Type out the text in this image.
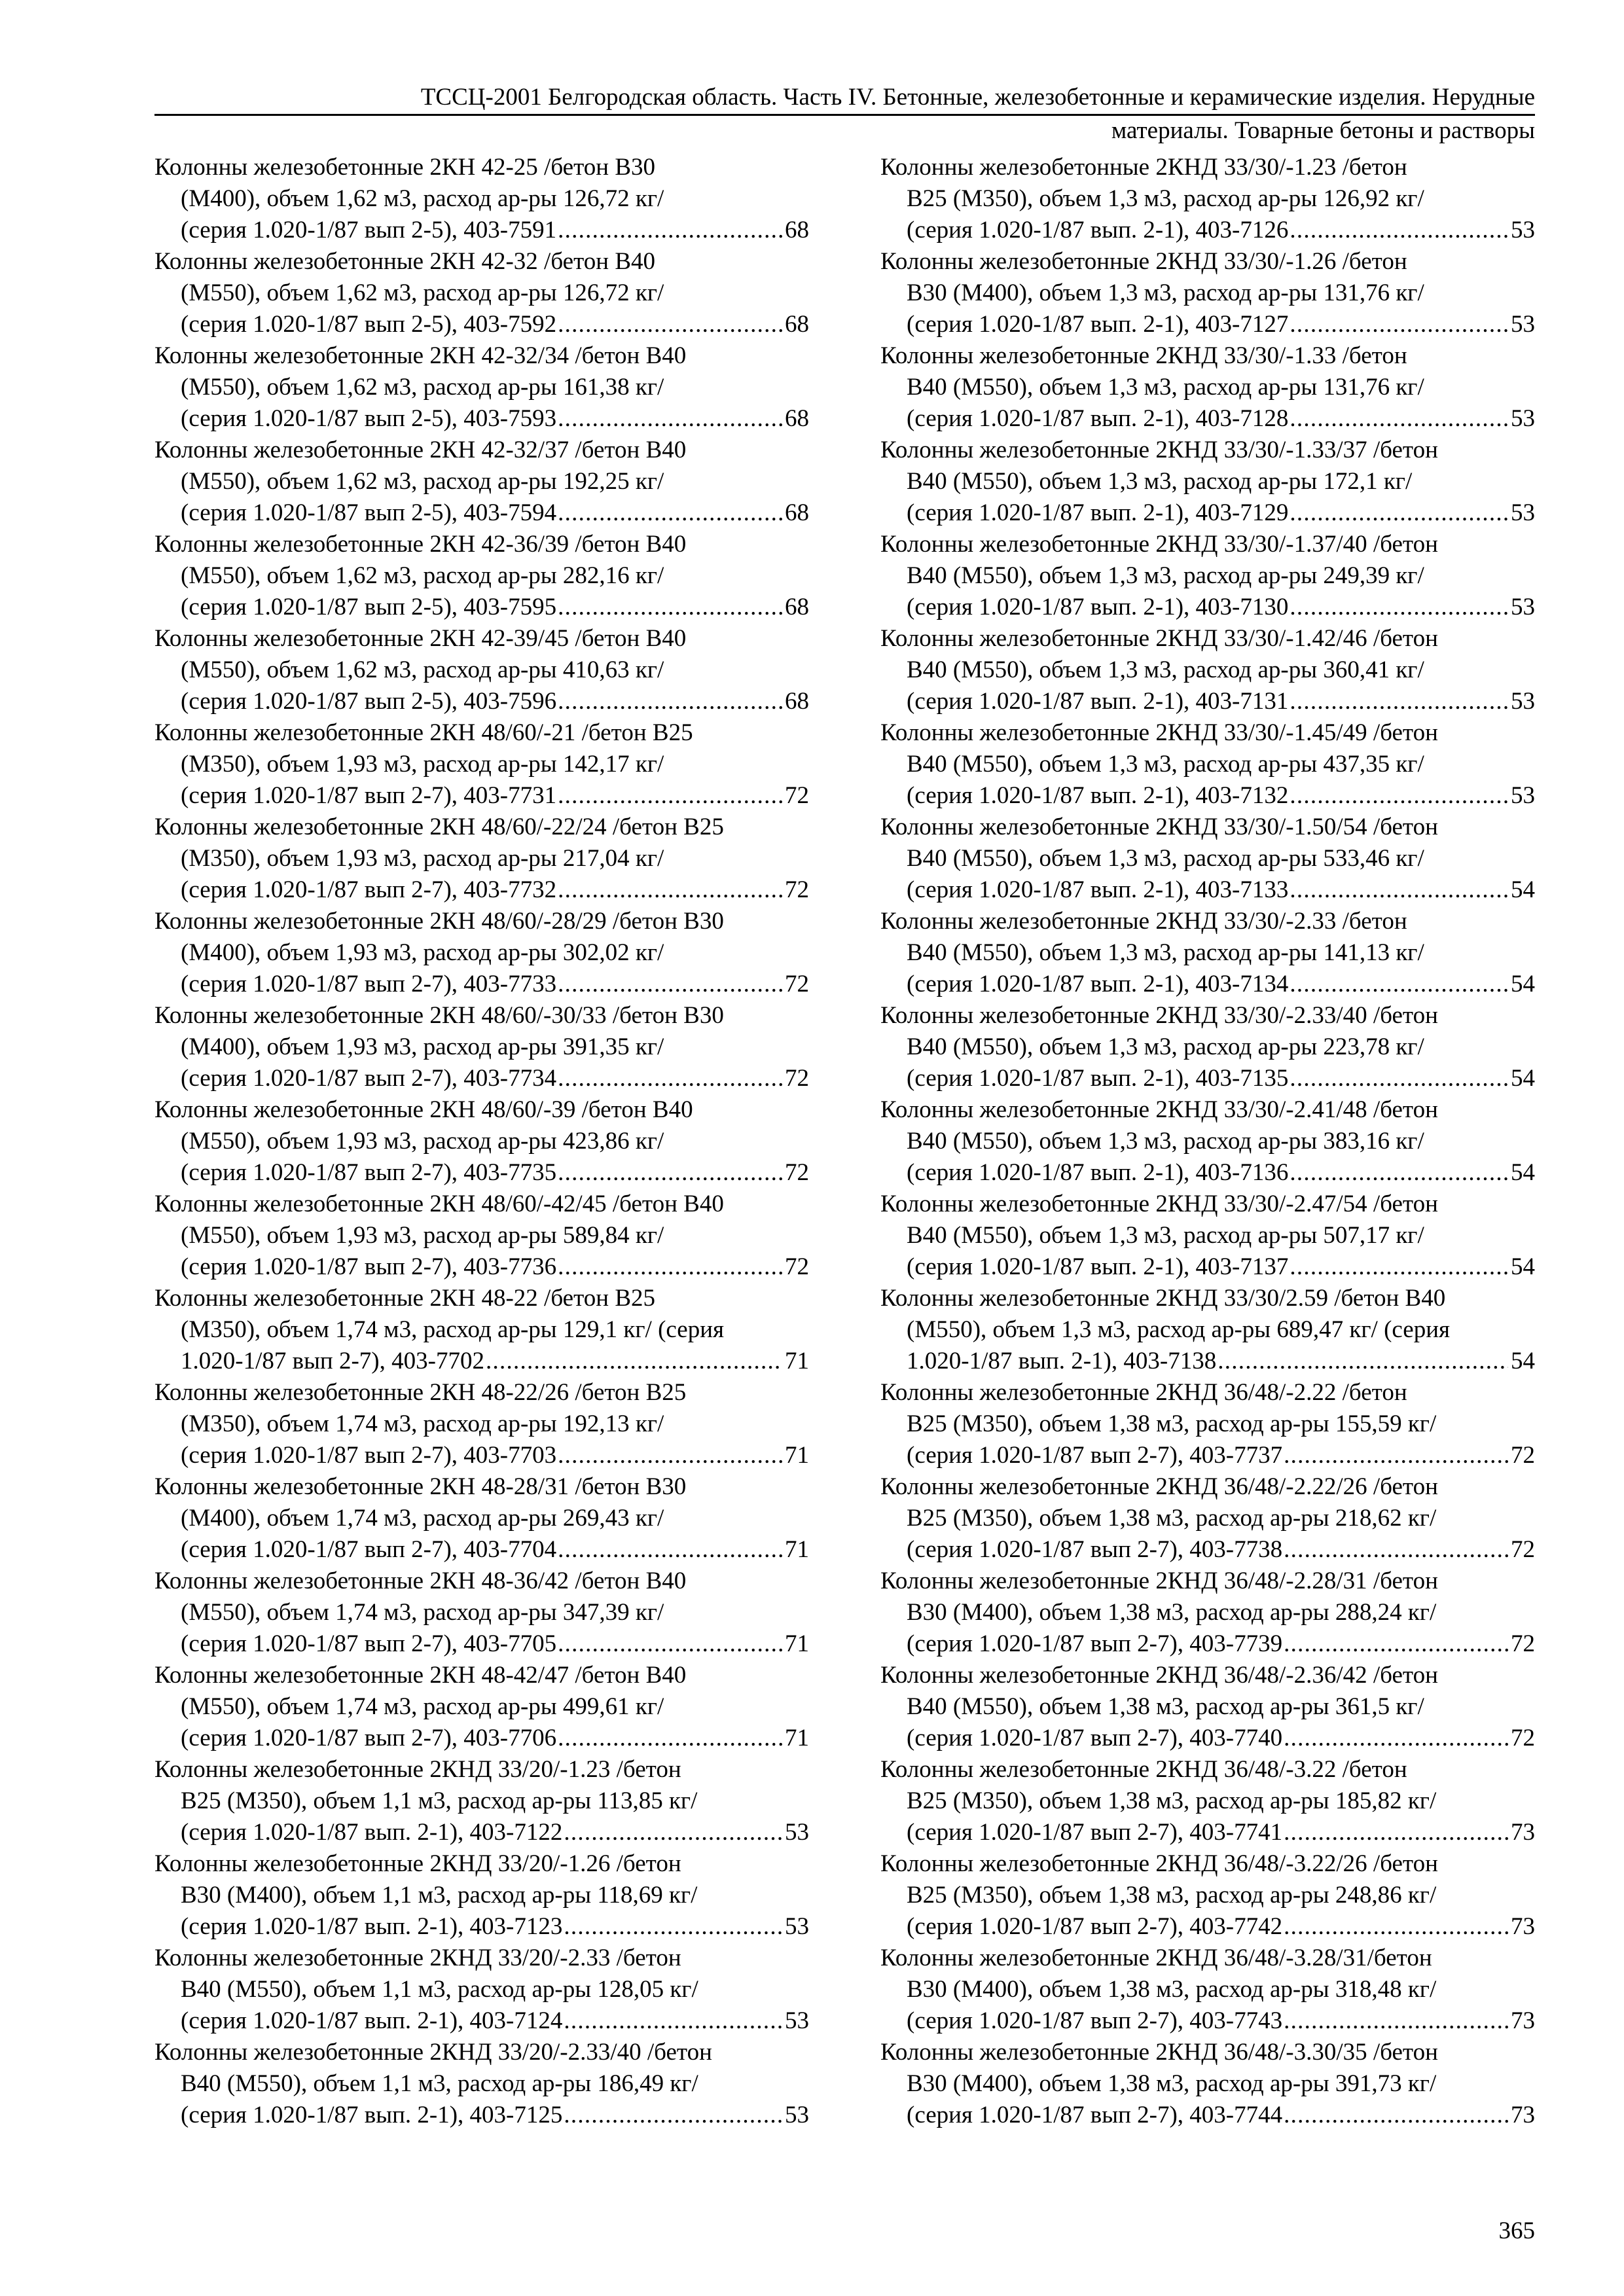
ТССЦ-2001 Белгородская область. Часть IV. Бетонные, железобетонные и керамические изделия. Нерудные
материалы. Товарные бетоны и растворы
Колонны железобетонные 2КН 42-25 /бетон В30
(М400), объем 1,62 м3, расход ар-ры 126,72 кг/
(серия 1.020-1/87 вып 2-5), 403-7591 . . .	68
Колонны железобетонные 2КН 42-32 /бетон В40
(М550), объем 1,62 м3, расход ар-ры 126,72 кг/
(серия 1.020-1/87 вып 2-5), 403-7592 . . .	68
Колонны железобетонные 2КН 42-32/34 /бетон В40
(М550), объем 1,62 м3, расход ар-ры 161,38 кг/
(серия 1.020-1/87 вып 2-5), 403-7593 . . .	68
Колонны железобетонные 2КН 42-32/37 /бетон В40
(М550), объем 1,62 м3, расход ар-ры 192,25 кг/
(серия 1.020-1/87 вып 2-5), 403-7594 . . .	68
Колонны железобетонные 2КН 42-36/39 /бетон В40
(М550), объем 1,62 м3, расход ар-ры 282,16 кг/
(серия 1.020-1/87 вып 2-5), 403-7595 . . .	68
Колонны железобетонные 2КН 42-39/45 /бетон В40
(М550), объем 1,62 м3, расход ар-ры 410,63 кг/
(серия 1.020-1/87 вып 2-5), 403-7596 . . .	68
Колонны железобетонные 2КН 48/60/-21 /бетон В25
(М350), объем 1,93 м3, расход ар-ры 142,17 кг/
(серия 1.020-1/87 вып 2-7), 403-7731 . . .	72
Колонны железобетонные 2КН 48/60/-22/24 /бетон В25
(М350), объем 1,93 м3, расход ар-ры 217,04 кг/
(серия 1.020-1/87 вып 2-7), 403-7732 . . .	72
Колонны железобетонные 2КН 48/60/-28/29 /бетон В30
(М400), объем 1,93 м3, расход ар-ры 302,02 кг/
(серия 1.020-1/87 вып 2-7), 403-7733 . . .	72
Колонны железобетонные 2КН 48/60/-30/33 /бетон В30
(М400), объем 1,93 м3, расход ар-ры 391,35 кг/
(серия 1.020-1/87 вып 2-7), 403-7734 . . .	72
Колонны железобетонные 2КН 48/60/-39 /бетон В40
(М550), объем 1,93 м3, расход ар-ры 423,86 кг/
(серия 1.020-1/87 вып 2-7), 403-7735 . . .	72
Колонны железобетонные 2КН 48/60/-42/45 /бетон В40
(М550), объем 1,93 м3, расход ар-ры 589,84 кг/
(серия 1.020-1/87 вып 2-7), 403-7736 . . .	72
Колонны железобетонные 2КН 48-22 /бетон В25
(М350), объем 1,74 м3, расход ар-ры 129,1 кг/ (серия
1.020-1/87 вып 2-7), 403-7702 . . .	71
Колонны железобетонные 2КН 48-22/26 /бетон В25
(М350), объем 1,74 м3, расход ар-ры 192,13 кг/
(серия 1.020-1/87 вып 2-7), 403-7703 . . .	71
Колонны железобетонные 2КН 48-28/31 /бетон В30
(М400), объем 1,74 м3, расход ар-ры 269,43 кг/
(серия 1.020-1/87 вып 2-7), 403-7704 . . .	71
Колонны железобетонные 2КН 48-36/42 /бетон В40
(М550), объем 1,74 м3, расход ар-ры 347,39 кг/
(серия 1.020-1/87 вып 2-7), 403-7705 . . .	71
Колонны железобетонные 2КН 48-42/47 /бетон В40
(М550), объем 1,74 м3, расход ар-ры 499,61 кг/
(серия 1.020-1/87 вып 2-7), 403-7706 . . .	71
Колонны железобетонные 2КНД 33/20/-1.23 /бетон
В25 (М350), объем 1,1 м3, расход ар-ры 113,85 кг/
(серия 1.020-1/87 вып. 2-1), 403-7122 . . .	53
Колонны железобетонные 2КНД 33/20/-1.26 /бетон
В30 (М400), объем 1,1 м3, расход ар-ры 118,69 кг/
(серия 1.020-1/87 вып. 2-1), 403-7123 . . .	53
Колонны железобетонные 2КНД 33/20/-2.33 /бетон
В40 (М550), объем 1,1 м3, расход ар-ры 128,05 кг/
(серия 1.020-1/87 вып. 2-1), 403-7124 . . .	53
Колонны железобетонные 2КНД 33/20/-2.33/40 /бетон
В40 (М550), объем 1,1 м3, расход ар-ры 186,49 кг/
(серия 1.020-1/87 вып. 2-1), 403-7125 . . .	53
Колонны железобетонные 2КНД 33/30/-1.23 /бетон
В25 (М350), объем 1,3 м3, расход ар-ры 126,92 кг/
(серия 1.020-1/87 вып. 2-1), 403-7126 . . .	53
Колонны железобетонные 2КНД 33/30/-1.26 /бетон
В30 (М400), объем 1,3 м3, расход ар-ры 131,76 кг/
(серия 1.020-1/87 вып. 2-1), 403-7127 . . .	53
Колонны железобетонные 2КНД 33/30/-1.33 /бетон
В40 (М550), объем 1,3 м3, расход ар-ры 131,76 кг/
(серия 1.020-1/87 вып. 2-1), 403-7128 . . .	53
Колонны железобетонные 2КНД 33/30/-1.33/37 /бетон
В40 (М550), объем 1,3 м3, расход ар-ры 172,1 кг/
(серия 1.020-1/87 вып. 2-1), 403-7129 . . .	53
Колонны железобетонные 2КНД 33/30/-1.37/40 /бетон
В40 (М550), объем 1,3 м3, расход ар-ры 249,39 кг/
(серия 1.020-1/87 вып. 2-1), 403-7130 . . .	53
Колонны железобетонные 2КНД 33/30/-1.42/46 /бетон
В40 (М550), объем 1,3 м3, расход ар-ры 360,41 кг/
(серия 1.020-1/87 вып. 2-1), 403-7131 . . .	53
Колонны железобетонные 2КНД 33/30/-1.45/49 /бетон
В40 (М550), объем 1,3 м3, расход ар-ры 437,35 кг/
(серия 1.020-1/87 вып. 2-1), 403-7132 . . .	53
Колонны железобетонные 2КНД 33/30/-1.50/54 /бетон
В40 (М550), объем 1,3 м3, расход ар-ры 533,46 кг/
(серия 1.020-1/87 вып. 2-1), 403-7133 . . .	54
Колонны железобетонные 2КНД 33/30/-2.33 /бетон
В40 (М550), объем 1,3 м3, расход ар-ры 141,13 кг/
(серия 1.020-1/87 вып. 2-1), 403-7134 . . .	54
Колонны железобетонные 2КНД 33/30/-2.33/40 /бетон
В40 (М550), объем 1,3 м3, расход ар-ры 223,78 кг/
(серия 1.020-1/87 вып. 2-1), 403-7135 . . .	54
Колонны железобетонные 2КНД 33/30/-2.41/48 /бетон
В40 (М550), объем 1,3 м3, расход ар-ры 383,16 кг/
(серия 1.020-1/87 вып. 2-1), 403-7136 . . .	54
Колонны железобетонные 2КНД 33/30/-2.47/54 /бетон
В40 (М550), объем 1,3 м3, расход ар-ры 507,17 кг/
(серия 1.020-1/87 вып. 2-1), 403-7137 . . .	54
Колонны железобетонные 2КНД 33/30/2.59 /бетон В40
(М550), объем 1,3 м3, расход ар-ры 689,47 кг/ (серия
1.020-1/87 вып. 2-1), 403-7138 . . .	54
Колонны железобетонные 2КНД 36/48/-2.22 /бетон
В25 (М350), объем 1,38 м3, расход ар-ры 155,59 кг/
(серия 1.020-1/87 вып 2-7), 403-7737 . . .	72
Колонны железобетонные 2КНД 36/48/-2.22/26 /бетон
В25 (М350), объем 1,38 м3, расход ар-ры 218,62 кг/
(серия 1.020-1/87 вып 2-7), 403-7738 . . .	72
Колонны железобетонные 2КНД 36/48/-2.28/31 /бетон
В30 (М400), объем 1,38 м3, расход ар-ры 288,24 кг/
(серия 1.020-1/87 вып 2-7), 403-7739 . . .	72
Колонны железобетонные 2КНД 36/48/-2.36/42 /бетон
В40 (М550), объем 1,38 м3, расход ар-ры 361,5 кг/
(серия 1.020-1/87 вып 2-7), 403-7740 . . .	72
Колонны железобетонные 2КНД 36/48/-3.22 /бетон
В25 (М350), объем 1,38 м3, расход ар-ры 185,82 кг/
(серия 1.020-1/87 вып 2-7), 403-7741 . . .	73
Колонны железобетонные 2КНД 36/48/-3.22/26 /бетон
В25 (М350), объем 1,38 м3, расход ар-ры 248,86 кг/
(серия 1.020-1/87 вып 2-7), 403-7742 . . .	73
Колонны железобетонные 2КНД 36/48/-3.28/31/бетон
В30 (М400), объем 1,38 м3, расход ар-ры 318,48 кг/
(серия 1.020-1/87 вып 2-7), 403-7743 . . .	73
Колонны железобетонные 2КНД 36/48/-3.30/35 /бетон
В30 (М400), объем 1,38 м3, расход ар-ры 391,73 кг/
(серия 1.020-1/87 вып 2-7), 403-7744 . . .	73
365
